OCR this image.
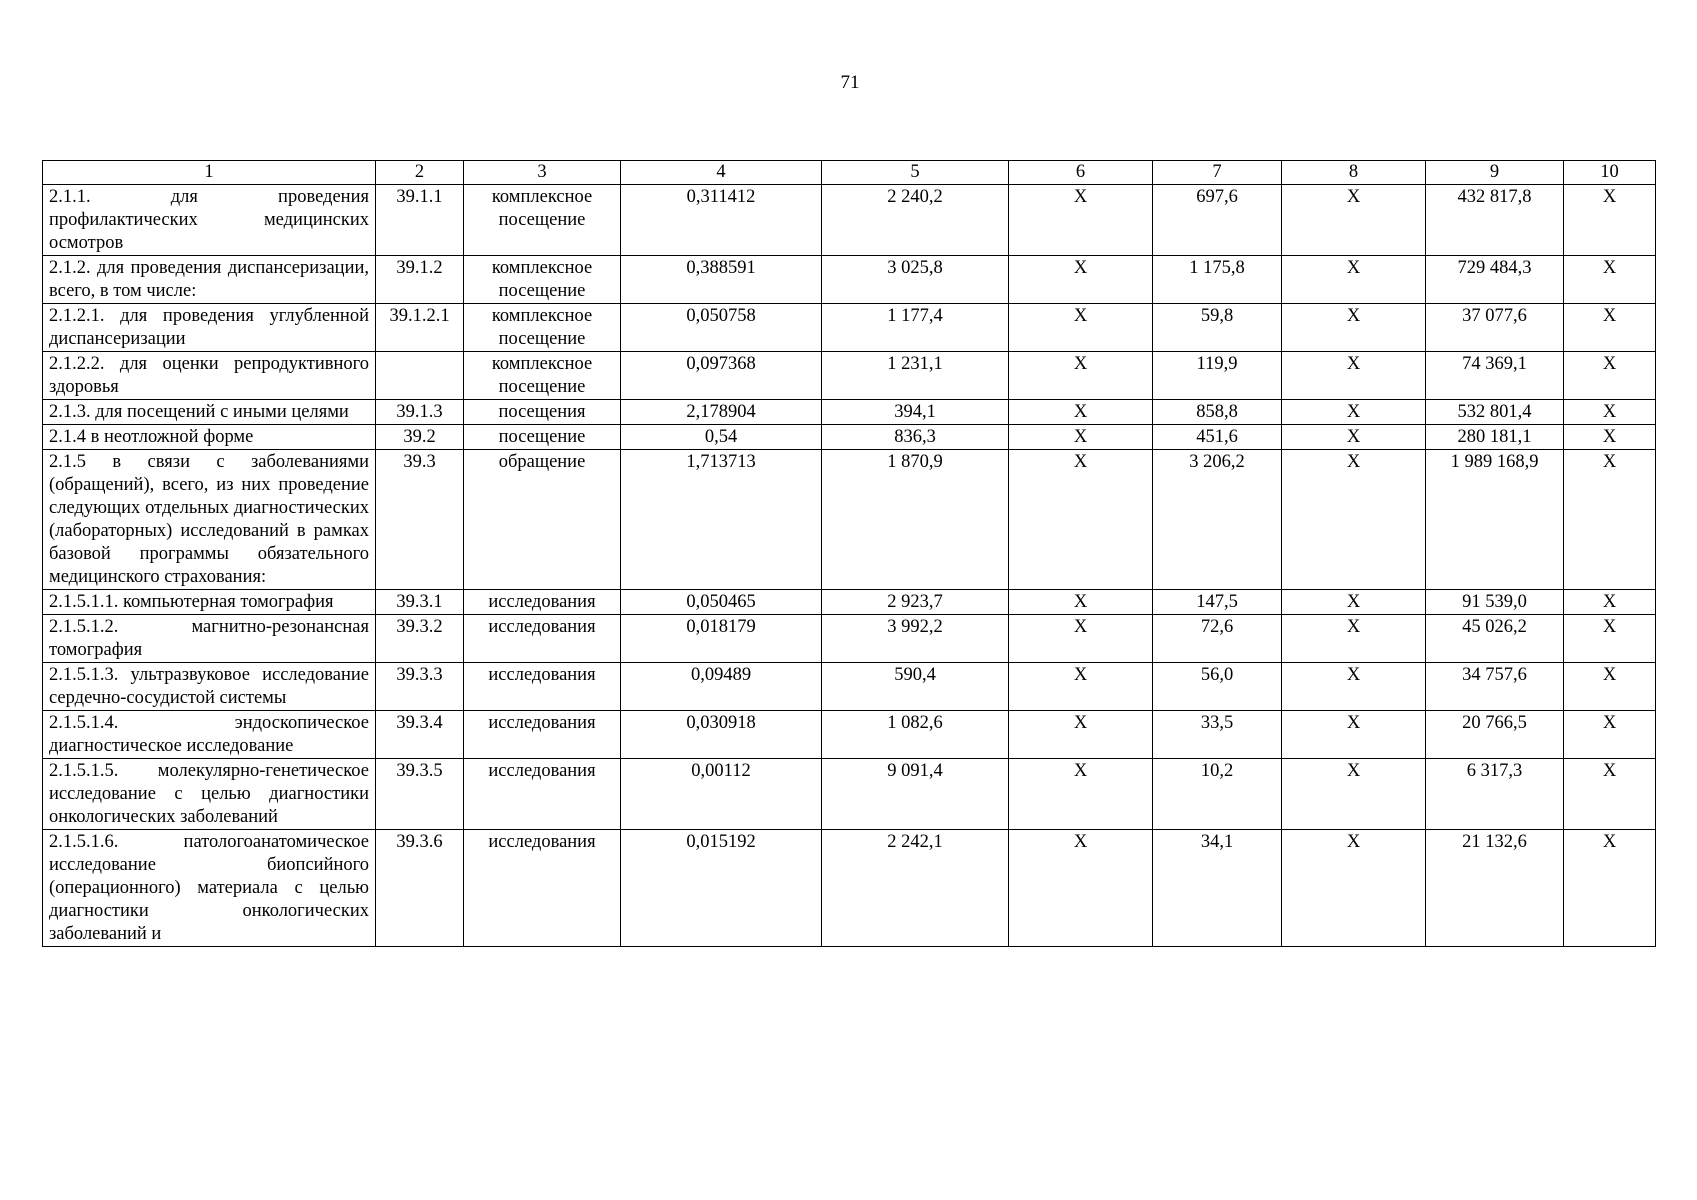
71
1	2	3	4	5	6	7	8	9	10
2.1.1. для проведения профилактических медицинских осмотров	39.1.1	комплексное посещение	0,311412	2 240,2	Х	697,6	Х	432 817,8	Х
2.1.2. для проведения диспансеризации, всего, в том числе:	39.1.2	комплексное посещение	0,388591	3 025,8	Х	1 175,8	Х	729 484,3	Х
2.1.2.1. для проведения углубленной диспансеризации	39.1.2.1	комплексное посещение	0,050758	1 177,4	Х	59,8	Х	37 077,6	Х
2.1.2.2. для оценки репродуктивного здоровья		комплексное посещение	0,097368	1 231,1	Х	119,9	Х	74 369,1	Х
2.1.3. для посещений с иными целями	39.1.3	посещения	2,178904	394,1	Х	858,8	Х	532 801,4	Х
2.1.4 в неотложной форме	39.2	посещение	0,54	836,3	Х	451,6	Х	280 181,1	Х
2.1.5 в связи с заболеваниями (обращений), всего, из них проведение следующих отдельных диагностических (лабораторных) исследований в рамках базовой программы обязательного медицинского страхования:	39.3	обращение	1,713713	1 870,9	Х	3 206,2	Х	1 989 168,9	Х
2.1.5.1.1. компьютерная томография	39.3.1	исследования	0,050465	2 923,7	Х	147,5	Х	91 539,0	Х
2.1.5.1.2. магнитно-резонансная томография	39.3.2	исследования	0,018179	3 992,2	Х	72,6	Х	45 026,2	Х
2.1.5.1.3. ультразвуковое исследование сердечно-сосудистой системы	39.3.3	исследования	0,09489	590,4	Х	56,0	Х	34 757,6	Х
2.1.5.1.4. эндоскопическое диагностическое исследование	39.3.4	исследования	0,030918	1 082,6	Х	33,5	Х	20 766,5	Х
2.1.5.1.5. молекулярно-генетическое исследование с целью диагностики онкологических заболеваний	39.3.5	исследования	0,00112	9 091,4	Х	10,2	Х	6 317,3	Х
2.1.5.1.6. патологоанатомическое исследование биопсийного (операционного) материала с целью диагностики онкологических заболеваний и	39.3.6	исследования	0,015192	2 242,1	Х	34,1	Х	21 132,6	Х
